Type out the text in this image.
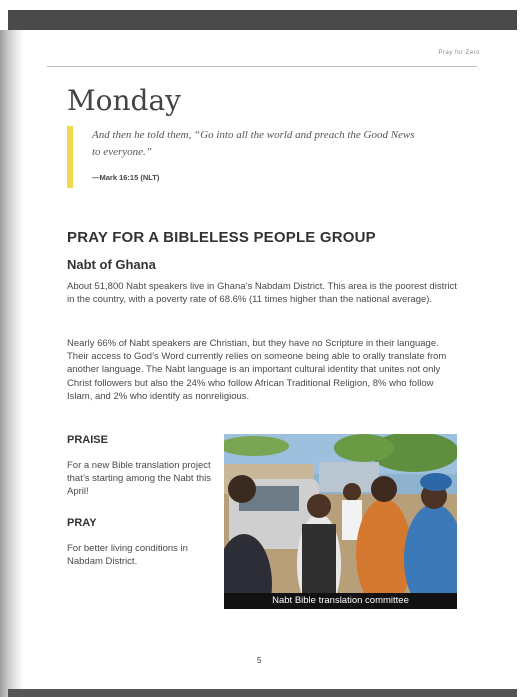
Pray for Zero
Monday
And then he told them, “Go into all the world and preach the Good News to everyone.”
—Mark 16:15 (NLT)
PRAY FOR A BIBLELESS PEOPLE GROUP
Nabt of Ghana

About 51,800 Nabt speakers live in Ghana’s Nabdam District. This area is the poorest district in the country, with a poverty rate of 68.6% (11 times higher than the national average).

Nearly 66% of Nabt speakers are Christian, but they have no Scripture in their language. Their access to God’s Word currently relies on someone being able to orally translate from another language. The Nabt language is an important cultural identity that unites not only Christ followers but also the 24% who follow African Traditional Religion, 8% who follow Islam, and 2% who identify as nonreligious.

PRAISE
For a new Bible translation project that’s starting among the Nabt this April!
PRAY
For better living conditions in Nabdam District.
Nabt Bible translation committee
5
